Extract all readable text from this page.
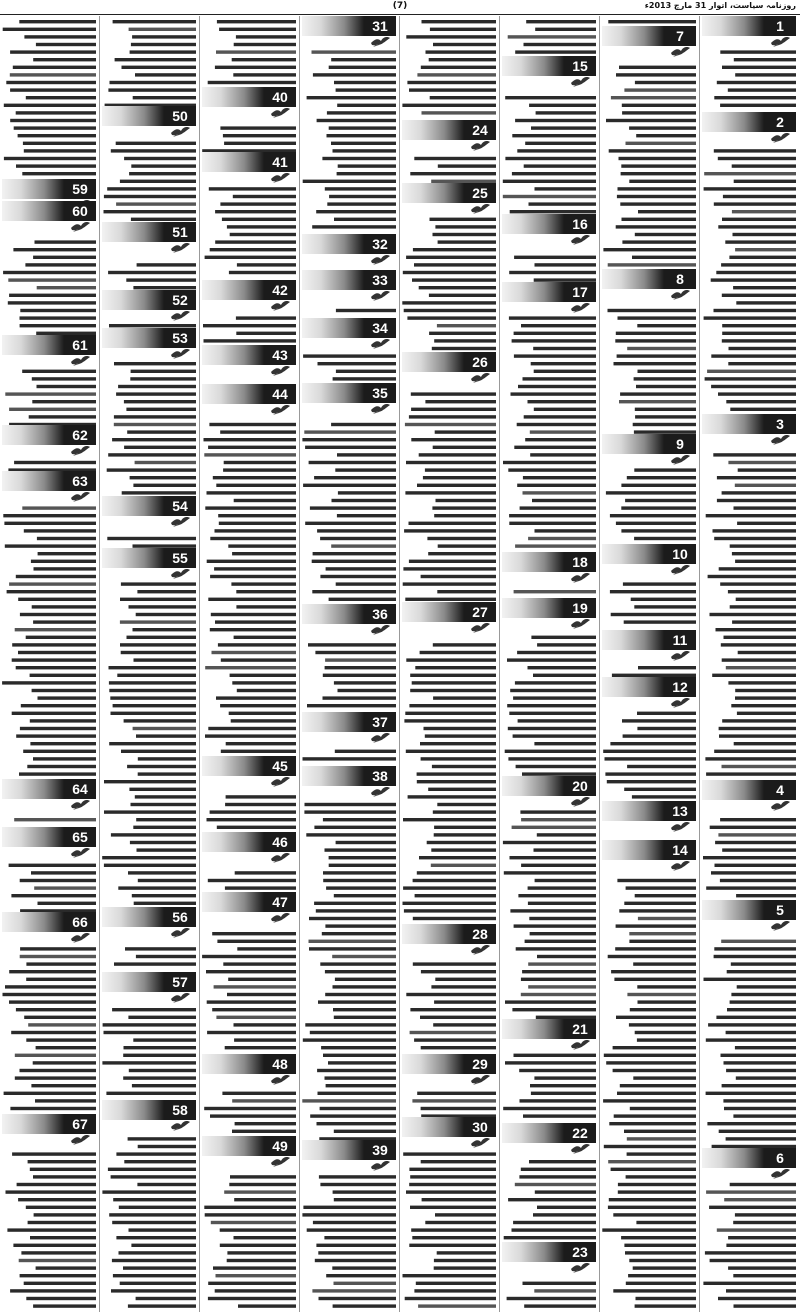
روزنامہ سیاست، اتوار 31 مارچ 2013ء
(7)
1
2
3
4
5
6
7
8
9
10
11
12
13
14
15
16
17
18
19
20
21
22
23
24
25
26
27
28
29
30
31
32
33
34
35
36
37
38
39
40
41
42
43
44
45
46
47
48
49
50
51
52
53
54
55
56
57
58
59
60
61
62
63
64
65
66
67
